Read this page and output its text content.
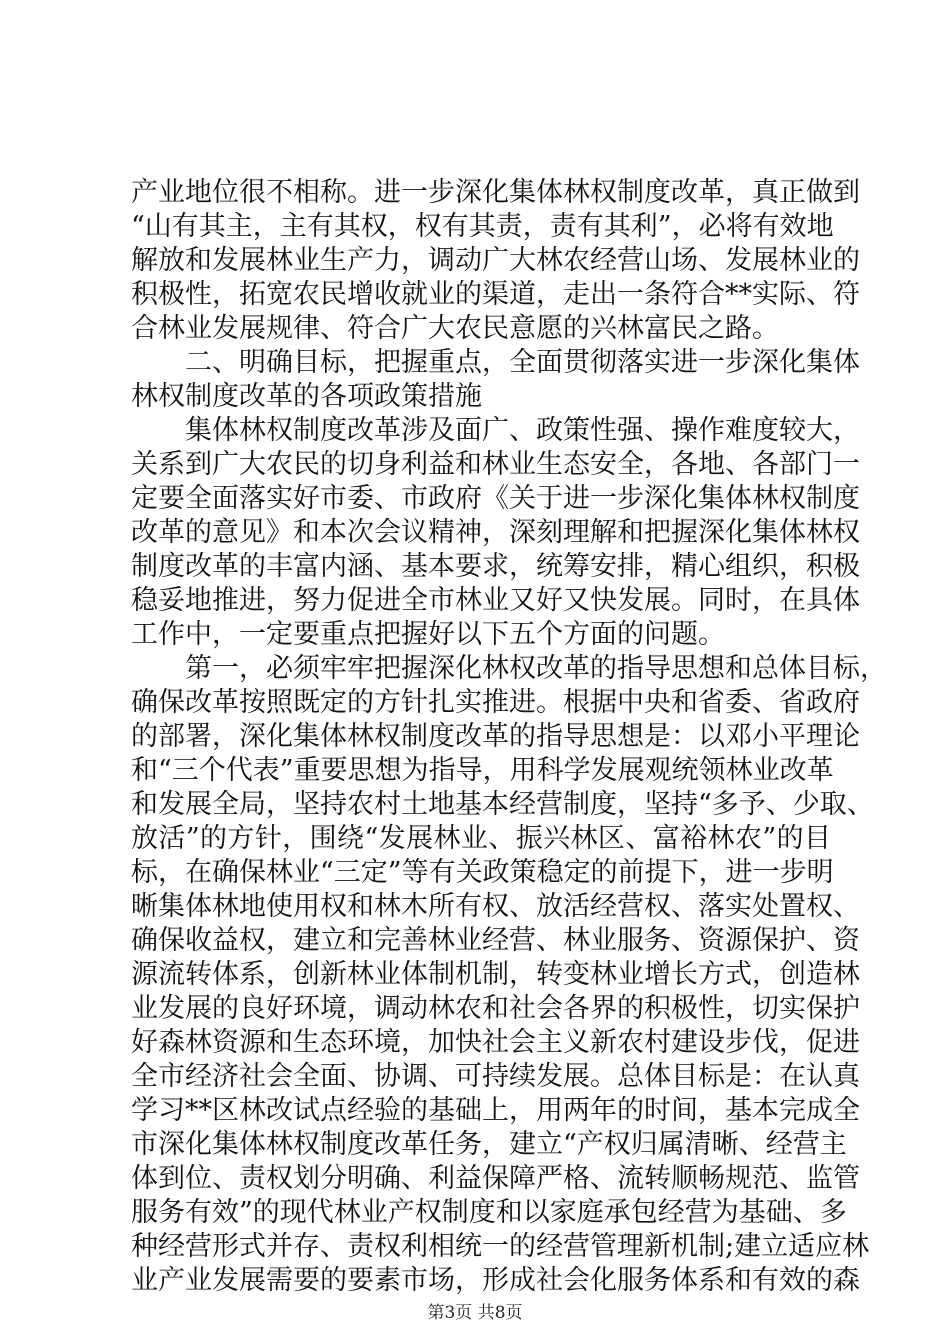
产业地位很不相称。进一步深化集体林权制度改革，真正做到
“山有其主，主有其权，权有其责，责有其利”，必将有效地
解放和发展林业生产力，调动广大林农经营山场、发展林业的
积极性，拓宽农民增收就业的渠道，走出一条符合**实际、符
合林业发展规律、符合广大农民意愿的兴林富民之路。
二、明确目标，把握重点，全面贯彻落实进一步深化集体
林权制度改革的各项政策措施
集体林权制度改革涉及面广、政策性强、操作难度较大，
关系到广大农民的切身利益和林业生态安全，各地、各部门一
定要全面落实好市委、市政府《关于进一步深化集体林权制度
改革的意见》和本次会议精神，深刻理解和把握深化集体林权
制度改革的丰富内涵、基本要求，统筹安排，精心组织，积极
稳妥地推进，努力促进全市林业又好又快发展。同时，在具体
工作中，一定要重点把握好以下五个方面的问题。
第一，必须牢牢把握深化林权改革的指导思想和总体目标，
确保改革按照既定的方针扎实推进。根据中央和省委、省政府
的部署，深化集体林权制度改革的指导思想是：以邓小平理论
和“三个代表”重要思想为指导，用科学发展观统领林业改革
和发展全局，坚持农村土地基本经营制度，坚持“多予、少取、
放活”的方针，围绕“发展林业、振兴林区、富裕林农”的目
标，在确保林业“三定”等有关政策稳定的前提下，进一步明
晰集体林地使用权和林木所有权、放活经营权、落实处置权、
确保收益权，建立和完善林业经营、林业服务、资源保护、资
源流转体系，创新林业体制机制，转变林业增长方式，创造林
业发展的良好环境，调动林农和社会各界的积极性，切实保护
好森林资源和生态环境，加快社会主义新农村建设步伐，促进
全市经济社会全面、协调、可持续发展。总体目标是：在认真
学习**区林改试点经验的基础上，用两年的时间，基本完成全
市深化集体林权制度改革任务，建立“产权归属清晰、经营主
体到位、责权划分明确、利益保障严格、流转顺畅规范、监管
服务有效”的现代林业产权制度和以家庭承包经营为基础、多
种经营形式并存、责权利相统一的经营管理新机制;建立适应林
业产业发展需要的要素市场，形成社会化服务体系和有效的森
第3页 共8页
